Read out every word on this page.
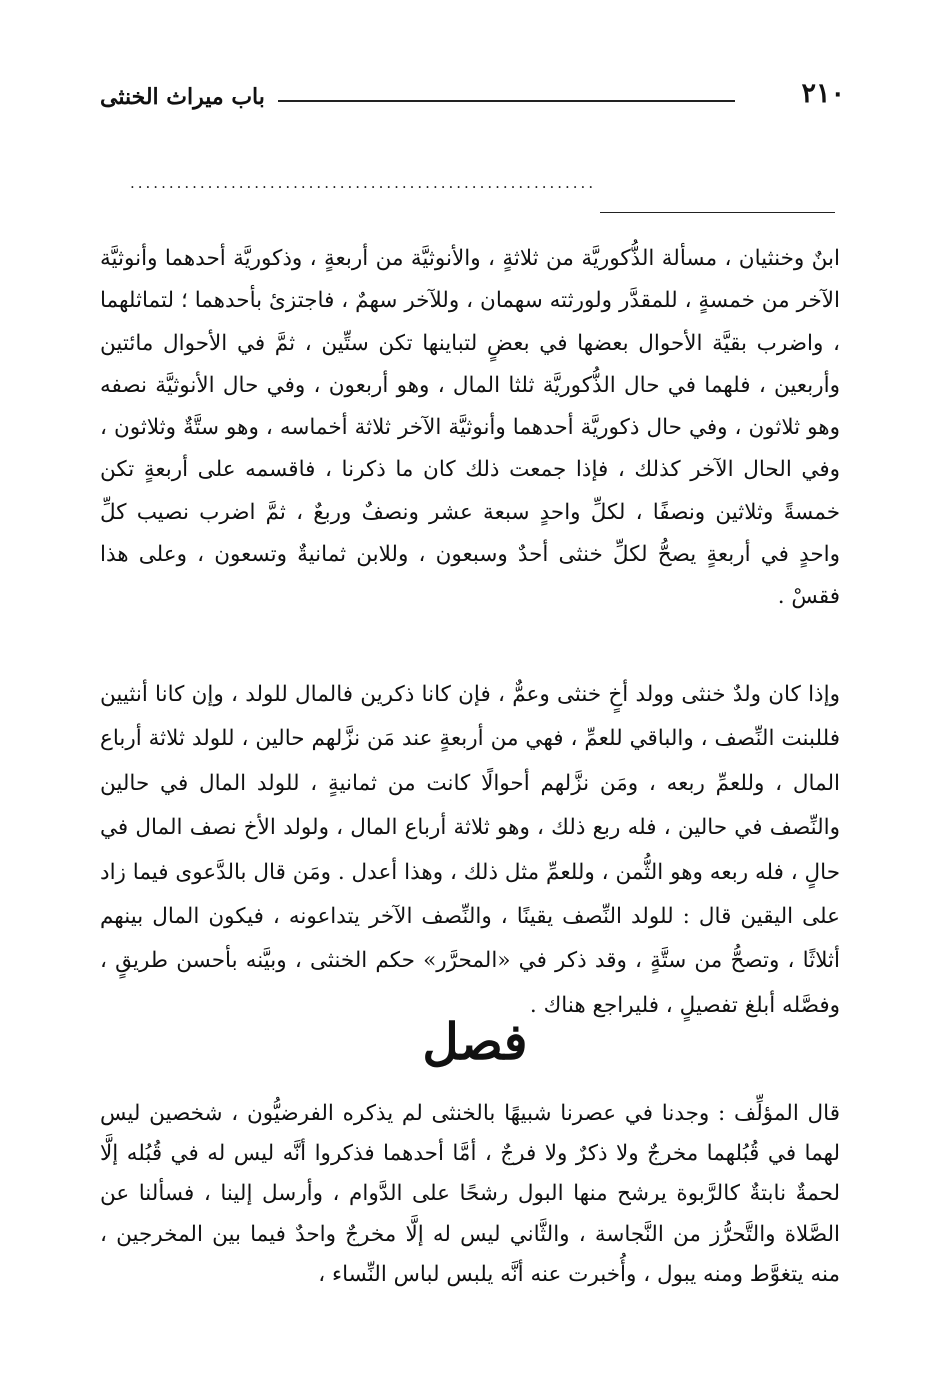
٢١٠
باب ميراث الخنثى
............................................................

ابنٌ وخنثيان ، مسألة الذُّكوريَّة من ثلاثةٍ ، والأنوثيَّة من أربعةٍ ، وذكوريَّة أحدهما وأنوثيَّة الآخر من خمسةٍ ، للمقدَّر ولورثته سهمان ، وللآخر سهمٌ ، فاجتزئ بأحدهما ؛ لتماثلهما ، واضرب بقيَّة الأحوال بعضها في بعضٍ لتباينها تكن ستِّين ، ثمَّ في الأحوال مائتين وأربعين ، فلهما في حال الذُّكوريَّة ثلثا المال ، وهو أربعون ، وفي حال الأنوثيَّة نصفه وهو ثلاثون ، وفي حال ذكوريَّة أحدهما وأنوثيَّة الآخر ثلاثة أخماسه ، وهو ستَّةٌ وثلاثون ، وفي الحال الآخر كذلك ، فإذا جمعت ذلك كان ما ذكرنا ، فاقسمه على أربعةٍ تكن خمسةً وثلاثين ونصفًا ، لكلِّ واحدٍ سبعة عشر ونصفٌ وربعٌ ، ثمَّ اضرب نصيب كلِّ واحدٍ في أربعةٍ يصحُّ لكلِّ خنثى أحدٌ وسبعون ، وللابن ثمانيةٌ وتسعون ، وعلى هذا فقسْ .

وإذا كان ولدٌ خنثى وولد أخٍ خنثى وعمٌّ ، فإن كانا ذكرين فالمال للولد ، وإن كانا أنثيين فللبنت النِّصف ، والباقي للعمِّ ، فهي من أربعةٍ عند مَن نزَّلهم حالين ، للولد ثلاثة أرباع المال ، وللعمِّ ربعه ، ومَن نزَّلهم أحوالًا كانت من ثمانيةٍ ، للولد المال في حالين والنِّصف في حالين ، فله ربع ذلك ، وهو ثلاثة أرباع المال ، ولولد الأخ نصف المال في حالٍ ، فله ربعه وهو الثُّمن ، وللعمِّ مثل ذلك ، وهذا أعدل . ومَن قال بالدَّعوى فيما زاد على اليقين قال : للولد النِّصف يقينًا ، والنِّصف الآخر يتداعونه ، فيكون المال بينهم أثلاثًا ، وتصحُّ من ستَّةٍ ، وقد ذكر في «المحرَّر» حكم الخنثى ، وبيَّنه بأحسن طريقٍ ، وفصَّله أبلغ تفصيلٍ ، فليراجع هناك .

فصل

قال المؤلِّف : وجدنا في عصرنا شبيهًا بالخنثى لم يذكره الفرضيُّون ، شخصين ليس لهما في قُبُلهما مخرجٌ ولا ذكرٌ ولا فرجٌ ، أمَّا أحدهما فذكروا أنَّه ليس له في قُبُله إلَّا لحمةٌ نابتةٌ كالرَّبوة يرشح منها البول رشحًا على الدَّوام ، وأرسل إلينا ، فسألنا عن الصَّلاة والتَّحرُّز من النَّجاسة ، والثَّاني ليس له إلَّا مخرجٌ واحدٌ فيما بين المخرجين ، منه يتغوَّط ومنه يبول ، وأُخبرت عنه أنَّه يلبس لباس النِّساء ،
